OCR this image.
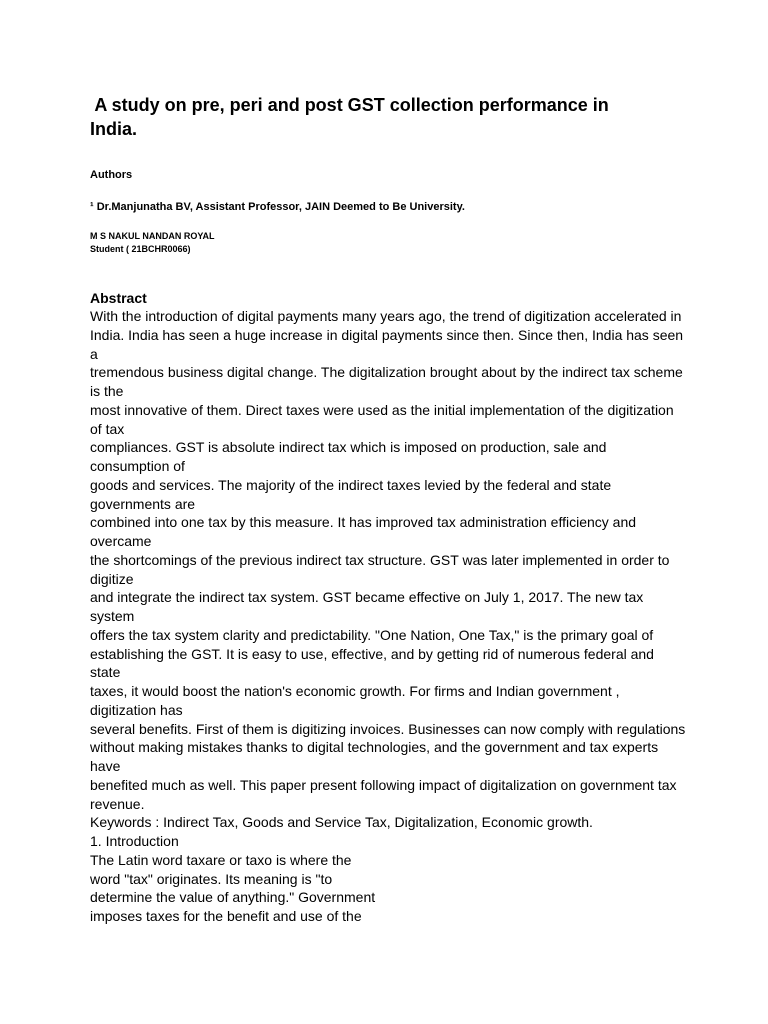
A study on pre, peri and post GST collection performance in
India.
Authors
¹ Dr.Manjunatha BV, Assistant Professor, JAIN Deemed to Be University.
M S NAKUL NANDAN ROYAL
Student ( 21BCHR0066)
Abstract
With the introduction of digital payments many years ago, the trend of digitization accelerated in
India. India has seen a huge increase in digital payments since then. Since then, India has seen
a
tremendous business digital change. The digitalization brought about by the indirect tax scheme
is the
most innovative of them. Direct taxes were used as the initial implementation of the digitization
of tax
compliances. GST is absolute indirect tax which is imposed on production, sale and
consumption of
goods and services. The majority of the indirect taxes levied by the federal and state
governments are
combined into one tax by this measure. It has improved tax administration efficiency and
overcame
the shortcomings of the previous indirect tax structure. GST was later implemented in order to
digitize
and integrate the indirect tax system. GST became effective on July 1, 2017. The new tax
system
offers the tax system clarity and predictability. "One Nation, One Tax," is the primary goal of
establishing the GST. It is easy to use, effective, and by getting rid of numerous federal and
state
taxes, it would boost the nation's economic growth. For firms and Indian government ,
digitization has
several benefits. First of them is digitizing invoices. Businesses can now comply with regulations
without making mistakes thanks to digital technologies, and the government and tax experts
have
benefited much as well. This paper present following impact of digitalization on government tax
revenue.
Keywords : Indirect Tax, Goods and Service Tax, Digitalization, Economic growth.
1. Introduction
The Latin word taxare or taxo is where the
word "tax" originates. Its meaning is "to
determine the value of anything." Government
imposes taxes for the benefit and use of the
